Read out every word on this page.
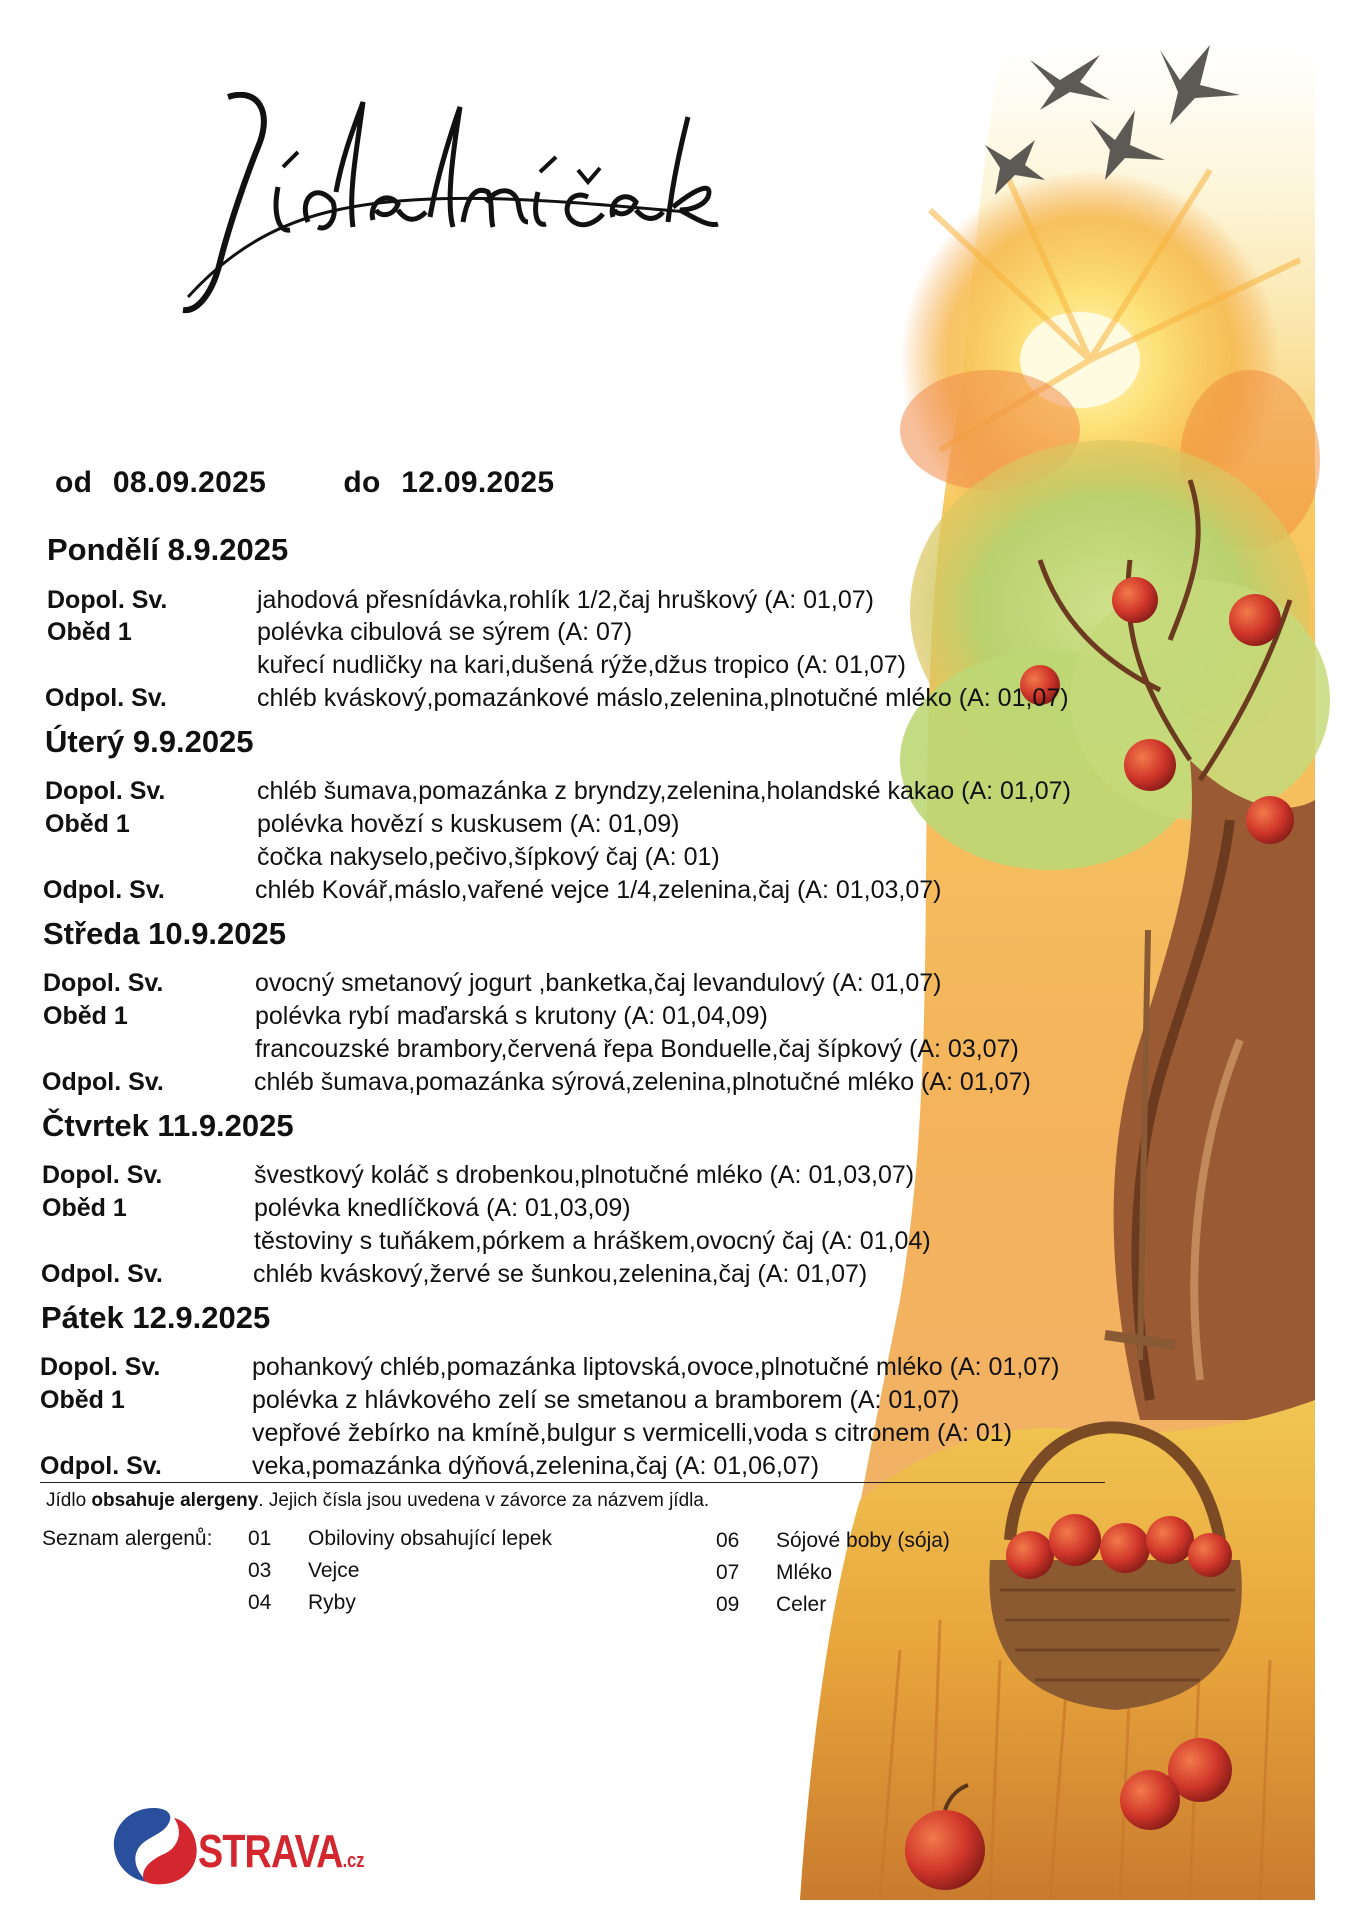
od 08.09.2025	do 12.09.2025
Pondělí 8.9.2025
Dopol. Sv.	jahodová přesnídávka,rohlík 1/2,čaj hruškový (A: 01,07)
Oběd 1	polévka cibulová se sýrem (A: 07)
kuřecí nudličky na kari,dušená rýže,džus tropico (A: 01,07)
Odpol. Sv.	chléb kváskový,pomazánkové máslo,zelenina,plnotučné mléko (A: 01,07)
Úterý 9.9.2025
Dopol. Sv.	chléb šumava,pomazánka z bryndzy,zelenina,holandské kakao (A: 01,07)
Oběd 1	polévka hovězí s kuskusem (A: 01,09)
čočka nakyselo,pečivo,šípkový čaj (A: 01)
Odpol. Sv.	chléb Kovář,máslo,vařené vejce 1/4,zelenina,čaj (A: 01,03,07)
Středa 10.9.2025
Dopol. Sv.	ovocný smetanový jogurt ,banketka,čaj levandulový (A: 01,07)
Oběd 1	polévka rybí maďarská s krutony (A: 01,04,09)
francouzské brambory,červená řepa Bonduelle,čaj šípkový (A: 03,07)
Odpol. Sv.	chléb šumava,pomazánka sýrová,zelenina,plnotučné mléko (A: 01,07)
Čtvrtek 11.9.2025
Dopol. Sv.	švestkový koláč s drobenkou,plnotučné mléko (A: 01,03,07)
Oběd 1	polévka knedlíčková (A: 01,03,09)
těstoviny s tuňákem,pórkem a hráškem,ovocný čaj (A: 01,04)
Odpol. Sv.	chléb kváskový,žervé se šunkou,zelenina,čaj (A: 01,07)
Pátek 12.9.2025
Dopol. Sv.	pohankový chléb,pomazánka liptovská,ovoce,plnotučné mléko (A: 01,07)
Oběd 1	polévka z hlávkového zelí se smetanou a bramborem (A: 01,07)
vepřové žebírko na kmíně,bulgur s vermicelli,voda s citronem (A: 01)
Odpol. Sv.	veka,pomazánka dýňová,zelenina,čaj (A: 01,06,07)
Jídlo obsahuje alergeny. Jejich čísla jsou uvedena v závorce za názvem jídla.
Seznam alergenů: 01 Obiloviny obsahující lepek
03 Vejce
04 Ryby
06 Sójové boby (sója)
07 Mléko
09 Celer
STRAVA.cz
